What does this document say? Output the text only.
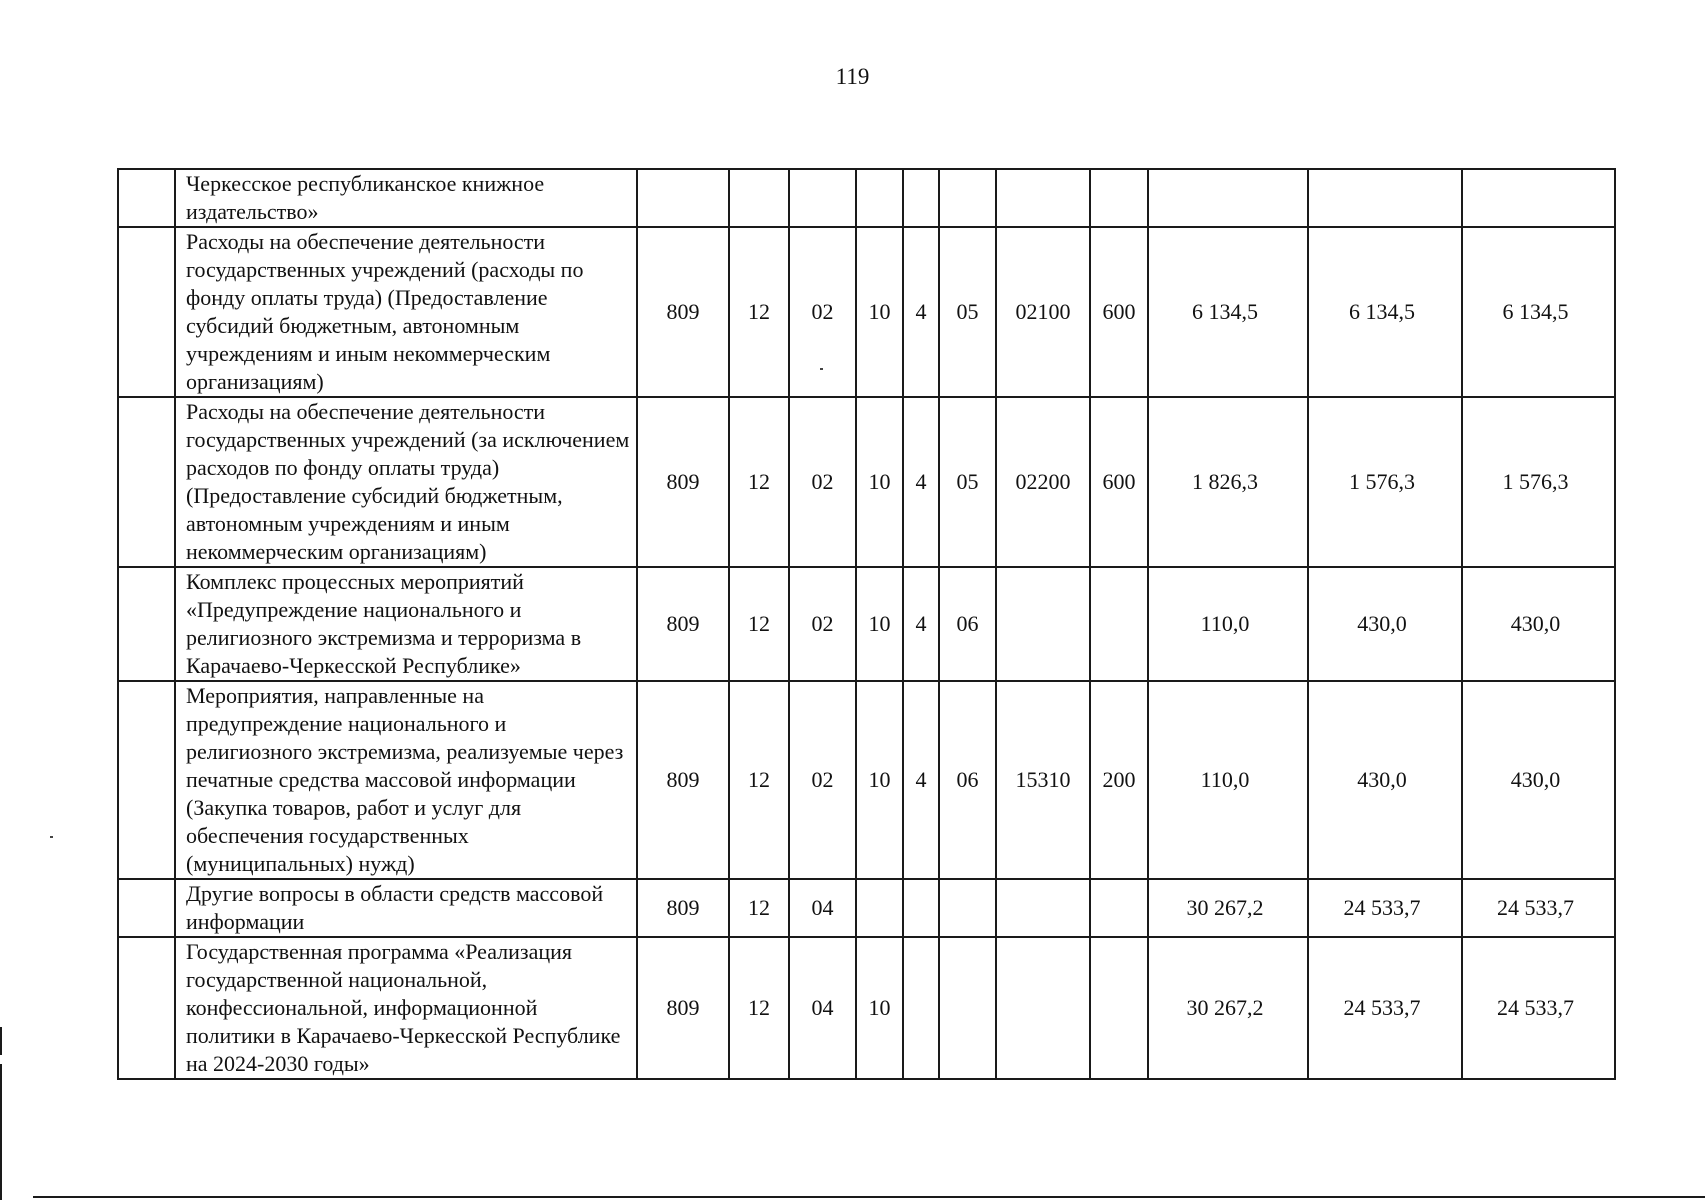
119
	Черкесское республиканское книжное издательство»											
	Расходы на обеспечение деятельности государственных учреждений (расходы по фонду оплаты труда) (Предоставление субсидий бюджетным, автономным учреждениям и иным некоммерческим организациям)	809	12	02	10	4	05	02100	600	6 134,5	6 134,5	6 134,5
	Расходы на обеспечение деятельности государственных учреждений (за исключением расходов по фонду оплаты труда) (Предоставление субсидий бюджетным, автономным учреждениям и иным некоммерческим организациям)	809	12	02	10	4	05	02200	600	1 826,3	1 576,3	1 576,3
	Комплекс процессных мероприятий «Предупреждение национального и религиозного экстремизма и терроризма в Карачаево-Черкесской Республике»	809	12	02	10	4	06			110,0	430,0	430,0
	Мероприятия, направленные на предупреждение национального и религиозного экстремизма, реализуемые через печатные средства массовой информации (Закупка товаров, работ и услуг для обеспечения государственных (муниципальных) нужд)	809	12	02	10	4	06	15310	200	110,0	430,0	430,0
	Другие вопросы в области средств массовой информации	809	12	04						30 267,2	24 533,7	24 533,7
	Государственная программа «Реализация государственной национальной, конфессиональной, информационной политики в Карачаево-Черкесской Республике на 2024-2030 годы»	809	12	04	10					30 267,2	24 533,7	24 533,7
